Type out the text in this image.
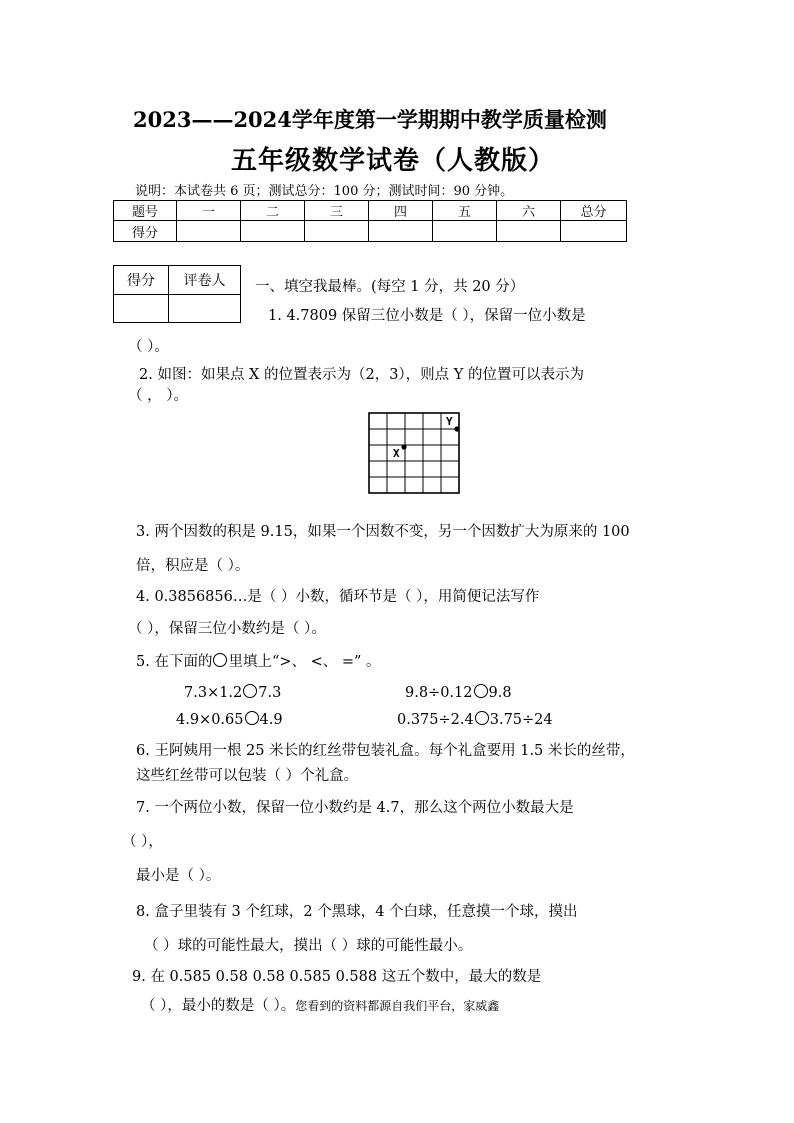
2023——2024学年度第一学期期中教学质量检测
五年级数学试卷（人教版）
说明：本试卷共 6 页；测试总分：100 分；测试时间：90 分钟。
题号	一	二	三	四	五	六	总分
得分							
得分	评卷人
	一、填空我最棒。(每空 1 分，共 20 分）
1. 4.7809 保留三位小数是（ ），保留一位小数是
（ ）。
2. 如图：如果点 X 的位置表示为（2，3），则点 Y 的位置可以表示为
（ ， ）。
X
Y
3. 两个因数的积是 9.15，如果一个因数不变，另一个因数扩大为原来的 100
倍，积应是（ ）。
4. 0.3856856…是（ ）小数，循环节是（ ），用简便记法写作
（ ），保留三位小数约是（ ）。
5. 在下面的 里填上“>、 <、 =” 。
7.3×1.2 7.3	9.8÷0.12 9.8
4.9×0.65 4.9	0.375÷2.4 3.75÷24
6. 王阿姨用一根 25 米长的红丝带包装礼盒。每个礼盒要用 1.5 米长的丝带，
这些红丝带可以包装（ ）个礼盒。
7. 一个两位小数，保留一位小数约是 4.7，那么这个两位小数最大是
（ ），
最小是（ ）。
8. 盒子里装有 3 个红球，2 个黑球，4 个白球，任意摸一个球，摸出
（ ）球的可能性最大，摸出（ ）球的可能性最小。
9. 在 0.585 0.58 0.58 0.585 0.588 这五个数中，最大的数是
（ ），最小的数是（ ）。您看到的资料都源自我们平台，家威鑫
